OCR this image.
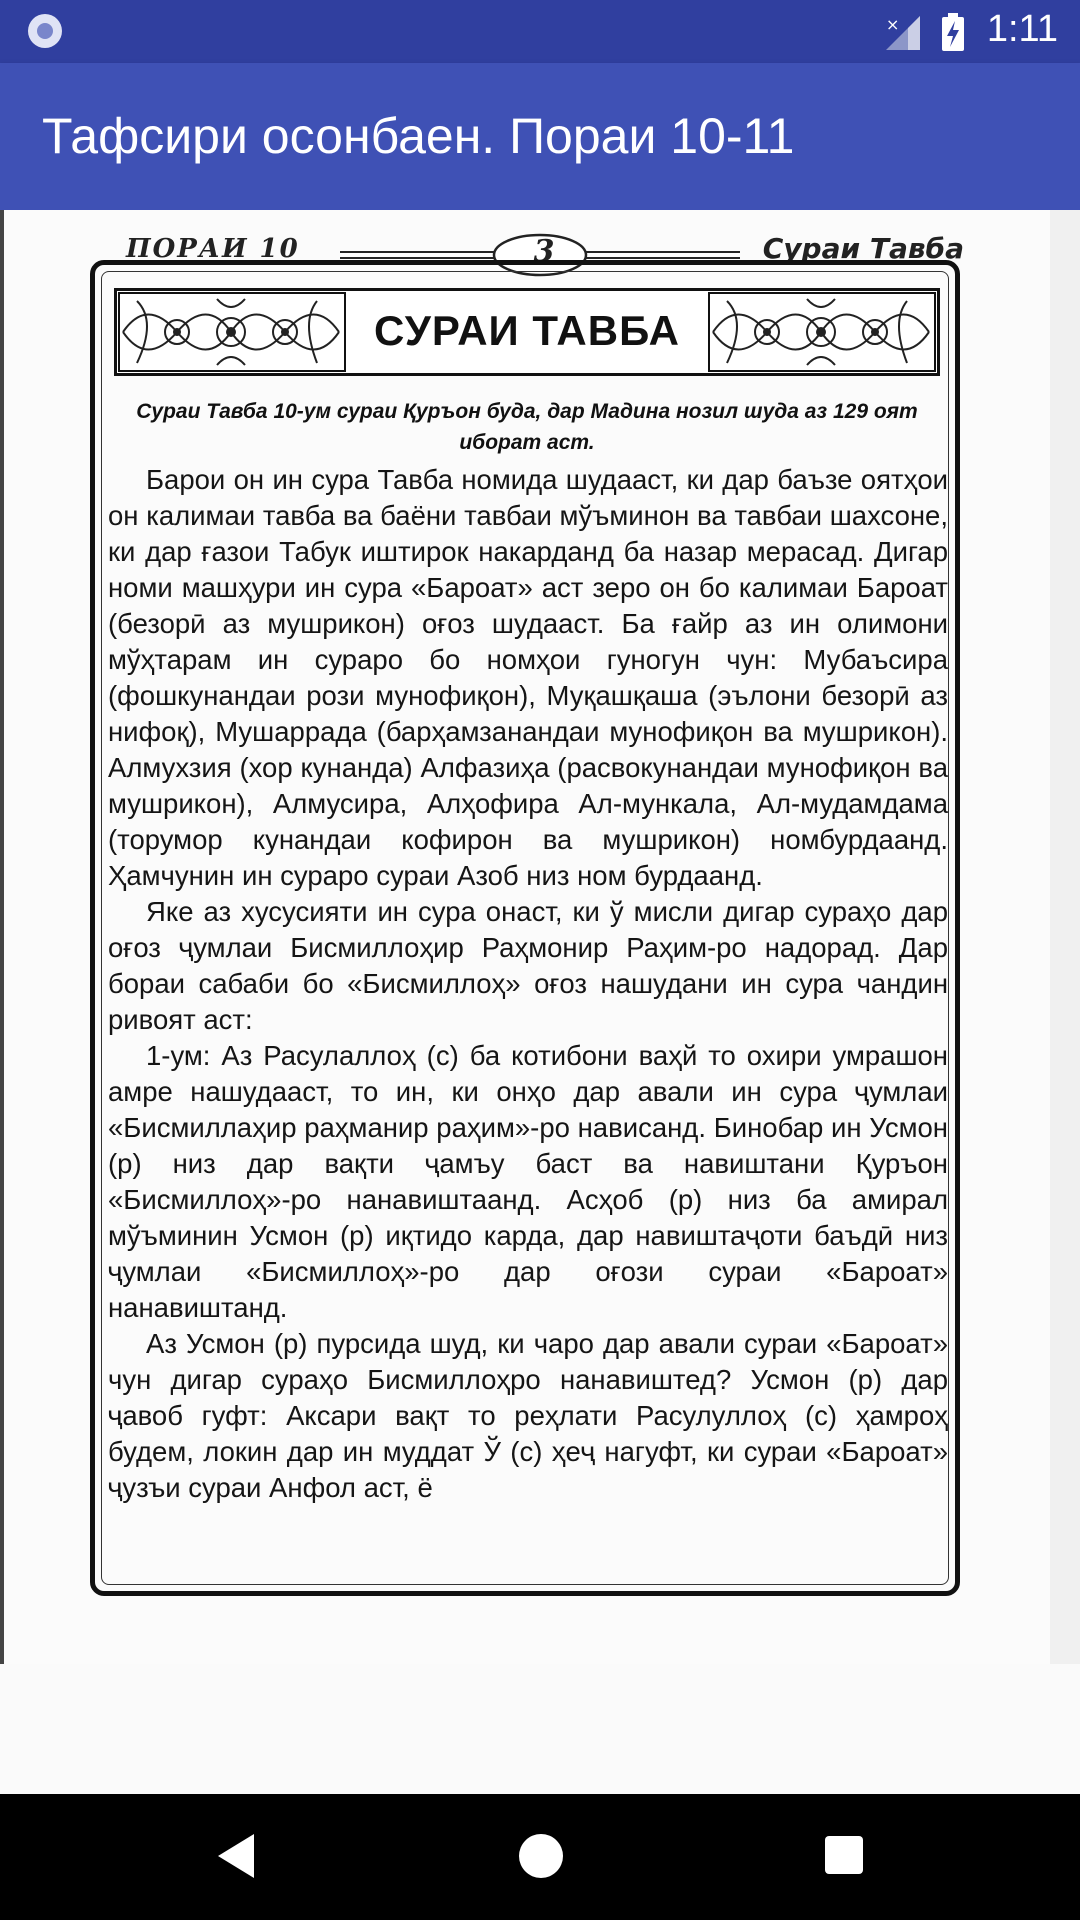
× 1:11
Тафсири осонбаен. Пораи 10-11
ПОРАИ 10	3	Сураи Тавба
СУРАИ ТАВБА
Сураи Тавба 10-ум сураи Қуръон буда, дар Мадина нозил шуда аз 129 оят иборат аст.

Барои он ин сура Тавба номида шудааст, ки дар баъзе оятҳои он калимаи тавба ва баёни тавбаи мўъминон ва тавбаи шахсоне, ки дар ғазои Табук иштирок накарданд ба назар мерасад. Дигар номи машҳури ин сура «Бароат» аст зеро он бо калимаи Бароат (безорӣ аз мушрикон) оғоз шудааст. Ба ғайр аз ин олимони мўҳтарам ин сураро бо номҳои гуногун чун: Мубаъсира (фошкунандаи рози мунофиқон), Муқашқаша (эълони безорӣ аз нифоқ), Мушаррада (барҳамзанандаи мунофиқон ва мушрикон). Алмухзия (хор кунанда) Алфазиҳа (расвокунандаи мунофиқон ва мушрикон), Алмусира, Алҳофира Ал-мункала, Ал-мудамдама (торумор кунандаи кофирон ва мушрикон) номбурдаанд. Ҳамчунин ин сураро сураи Азоб низ ном бурдаанд.

Яке аз хусусияти ин сура онаст, ки ў мисли дигар сураҳо дар оғоз ҷумлаи Бисмиллоҳир Раҳмонир Раҳим-ро надорад. Дар бораи сабаби бо «Бисмиллоҳ» оғоз нашудани ин сура чандин ривоят аст:

1-ум: Аз Расулаллоҳ (с) ба котибони ваҳй то охири умрашон амре нашудааст, то ин, ки онҳо дар авали ин сура ҷумлаи «Бисмиллаҳир раҳманир раҳим»-ро нависанд. Бинобар ин Усмон (р) низ дар вақти ҷамъу баст ва навиштани Қуръон «Бисмиллоҳ»-ро нанавиштаанд. Асҳоб (р) низ ба амирал мўъминин Усмон (р) иқтидо карда, дар навиштаҷоти баъдӣ низ ҷумлаи «Бисмиллоҳ»-ро дар оғози сураи «Бароат» нанавиштанд.

Аз Усмон (р) пурсида шуд, ки чаро дар авали сураи «Бароат» чун дигар сураҳо Бисмиллоҳро нанавиштед? Усмон (р) дар ҷавоб гуфт: Аксари вақт то реҳлати Расулуллоҳ (с) ҳамроҳ будем, локин дар ин муддат Ў (с) ҳеҷ нагуфт, ки сураи «Бароат» ҷузъи сураи Анфол аст, ё
